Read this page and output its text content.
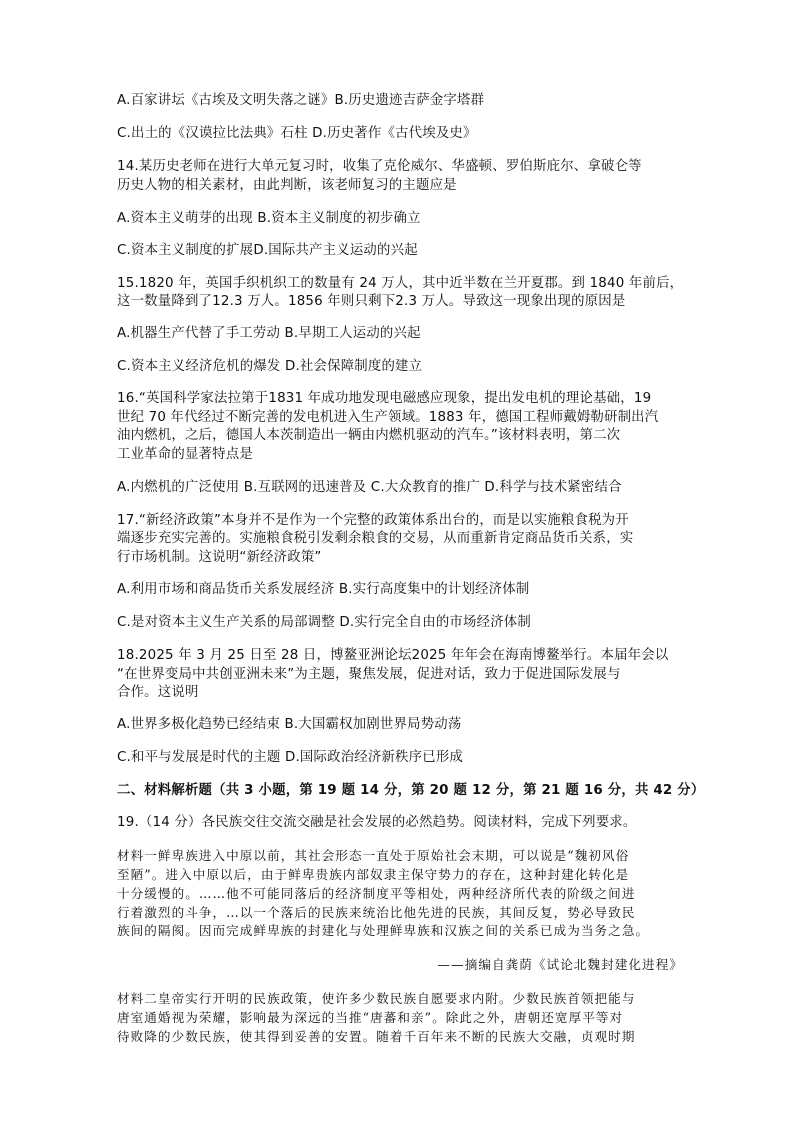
A.百家讲坛《古埃及文明失落之谜》B.历史遗迹吉萨金字塔群
C.出土的《汉谟拉比法典》石柱 D.历史著作《古代埃及史》
14.某历史老师在进行大单元复习时，收集了克伦威尔、华盛顿、罗伯斯庇尔、拿破仑等
历史人物的相关素材，由此判断，该老师复习的主题应是
A.资本主义萌芽的出现 B.资本主义制度的初步确立
C.资本主义制度的扩展D.国际共产主义运动的兴起
15.1820 年，英国手织机织工的数量有 24 万人，其中近半数在兰开夏郡。到 1840 年前后，
这一数量降到了12.3 万人。1856 年则只剩下2.3 万人。导致这一现象出现的原因是
A.机器生产代替了手工劳动 B.早期工人运动的兴起
C.资本主义经济危机的爆发 D.社会保障制度的建立
16.“英国科学家法拉第于1831 年成功地发现电磁感应现象，提出发电机的理论基础，19
世纪 70 年代经过不断完善的发电机进入生产领域。1883 年，德国工程师戴姆勒研制出汽
油内燃机，之后，德国人本茨制造出一辆由内燃机驱动的汽车。”该材料表明，第二次
工业革命的显著特点是
A.内燃机的广泛使用 B.互联网的迅速普及 C.大众教育的推广 D.科学与技术紧密结合
17.“新经济政策”本身并不是作为一个完整的政策体系出台的，而是以实施粮食税为开
端逐步充实完善的。实施粮食税引发剩余粮食的交易，从而重新肯定商品货币关系，实
行市场机制。这说明“新经济政策”
A.利用市场和商品货币关系发展经济 B.实行高度集中的计划经济体制
C.是对资本主义生产关系的局部调整 D.实行完全自由的市场经济体制
18.2025 年 3 月 25 日至 28 日，博鳌亚洲论坛2025 年年会在海南博鳌举行。本届年会以
“在世界变局中共创亚洲未来”为主题，聚焦发展，促进对话，致力于促进国际发展与
合作。这说明
A.世界多极化趋势已经结束 B.大国霸权加剧世界局势动荡
C.和平与发展是时代的主题 D.国际政治经济新秩序已形成
二、材料解析题（共 3 小题，第 19 题 14 分，第 20 题 12 分，第 21 题 16 分，共 42 分）
19.（14 分）各民族交往交流交融是社会发展的必然趋势。阅读材料，完成下列要求。
材料一鲜卑族进入中原以前，其社会形态一直处于原始社会末期，可以说是“魏初风俗
至陋”。进入中原以后，由于鲜卑贵族内部奴隶主保守势力的存在，这种封建化转化是
十分缓慢的。……他不可能同落后的经济制度平等相处，两种经济所代表的阶级之间进
行着激烈的斗争，…以一个落后的民族来统治比他先进的民族，其间反复，势必导致民
族间的隔阂。因而完成鲜卑族的封建化与处理鲜卑族和汉族之间的关系已成为当务之急。
——摘编自龚荫《试论北魏封建化进程》
材料二皇帝实行开明的民族政策，使许多少数民族自愿要求内附。少数民族首领把能与
唐室通婚视为荣耀，影响最为深远的当推“唐蕃和亲”。除此之外，唐朝还宽厚平等对
待败降的少数民族，使其得到妥善的安置。随着千百年来不断的民族大交融，贞观时期
